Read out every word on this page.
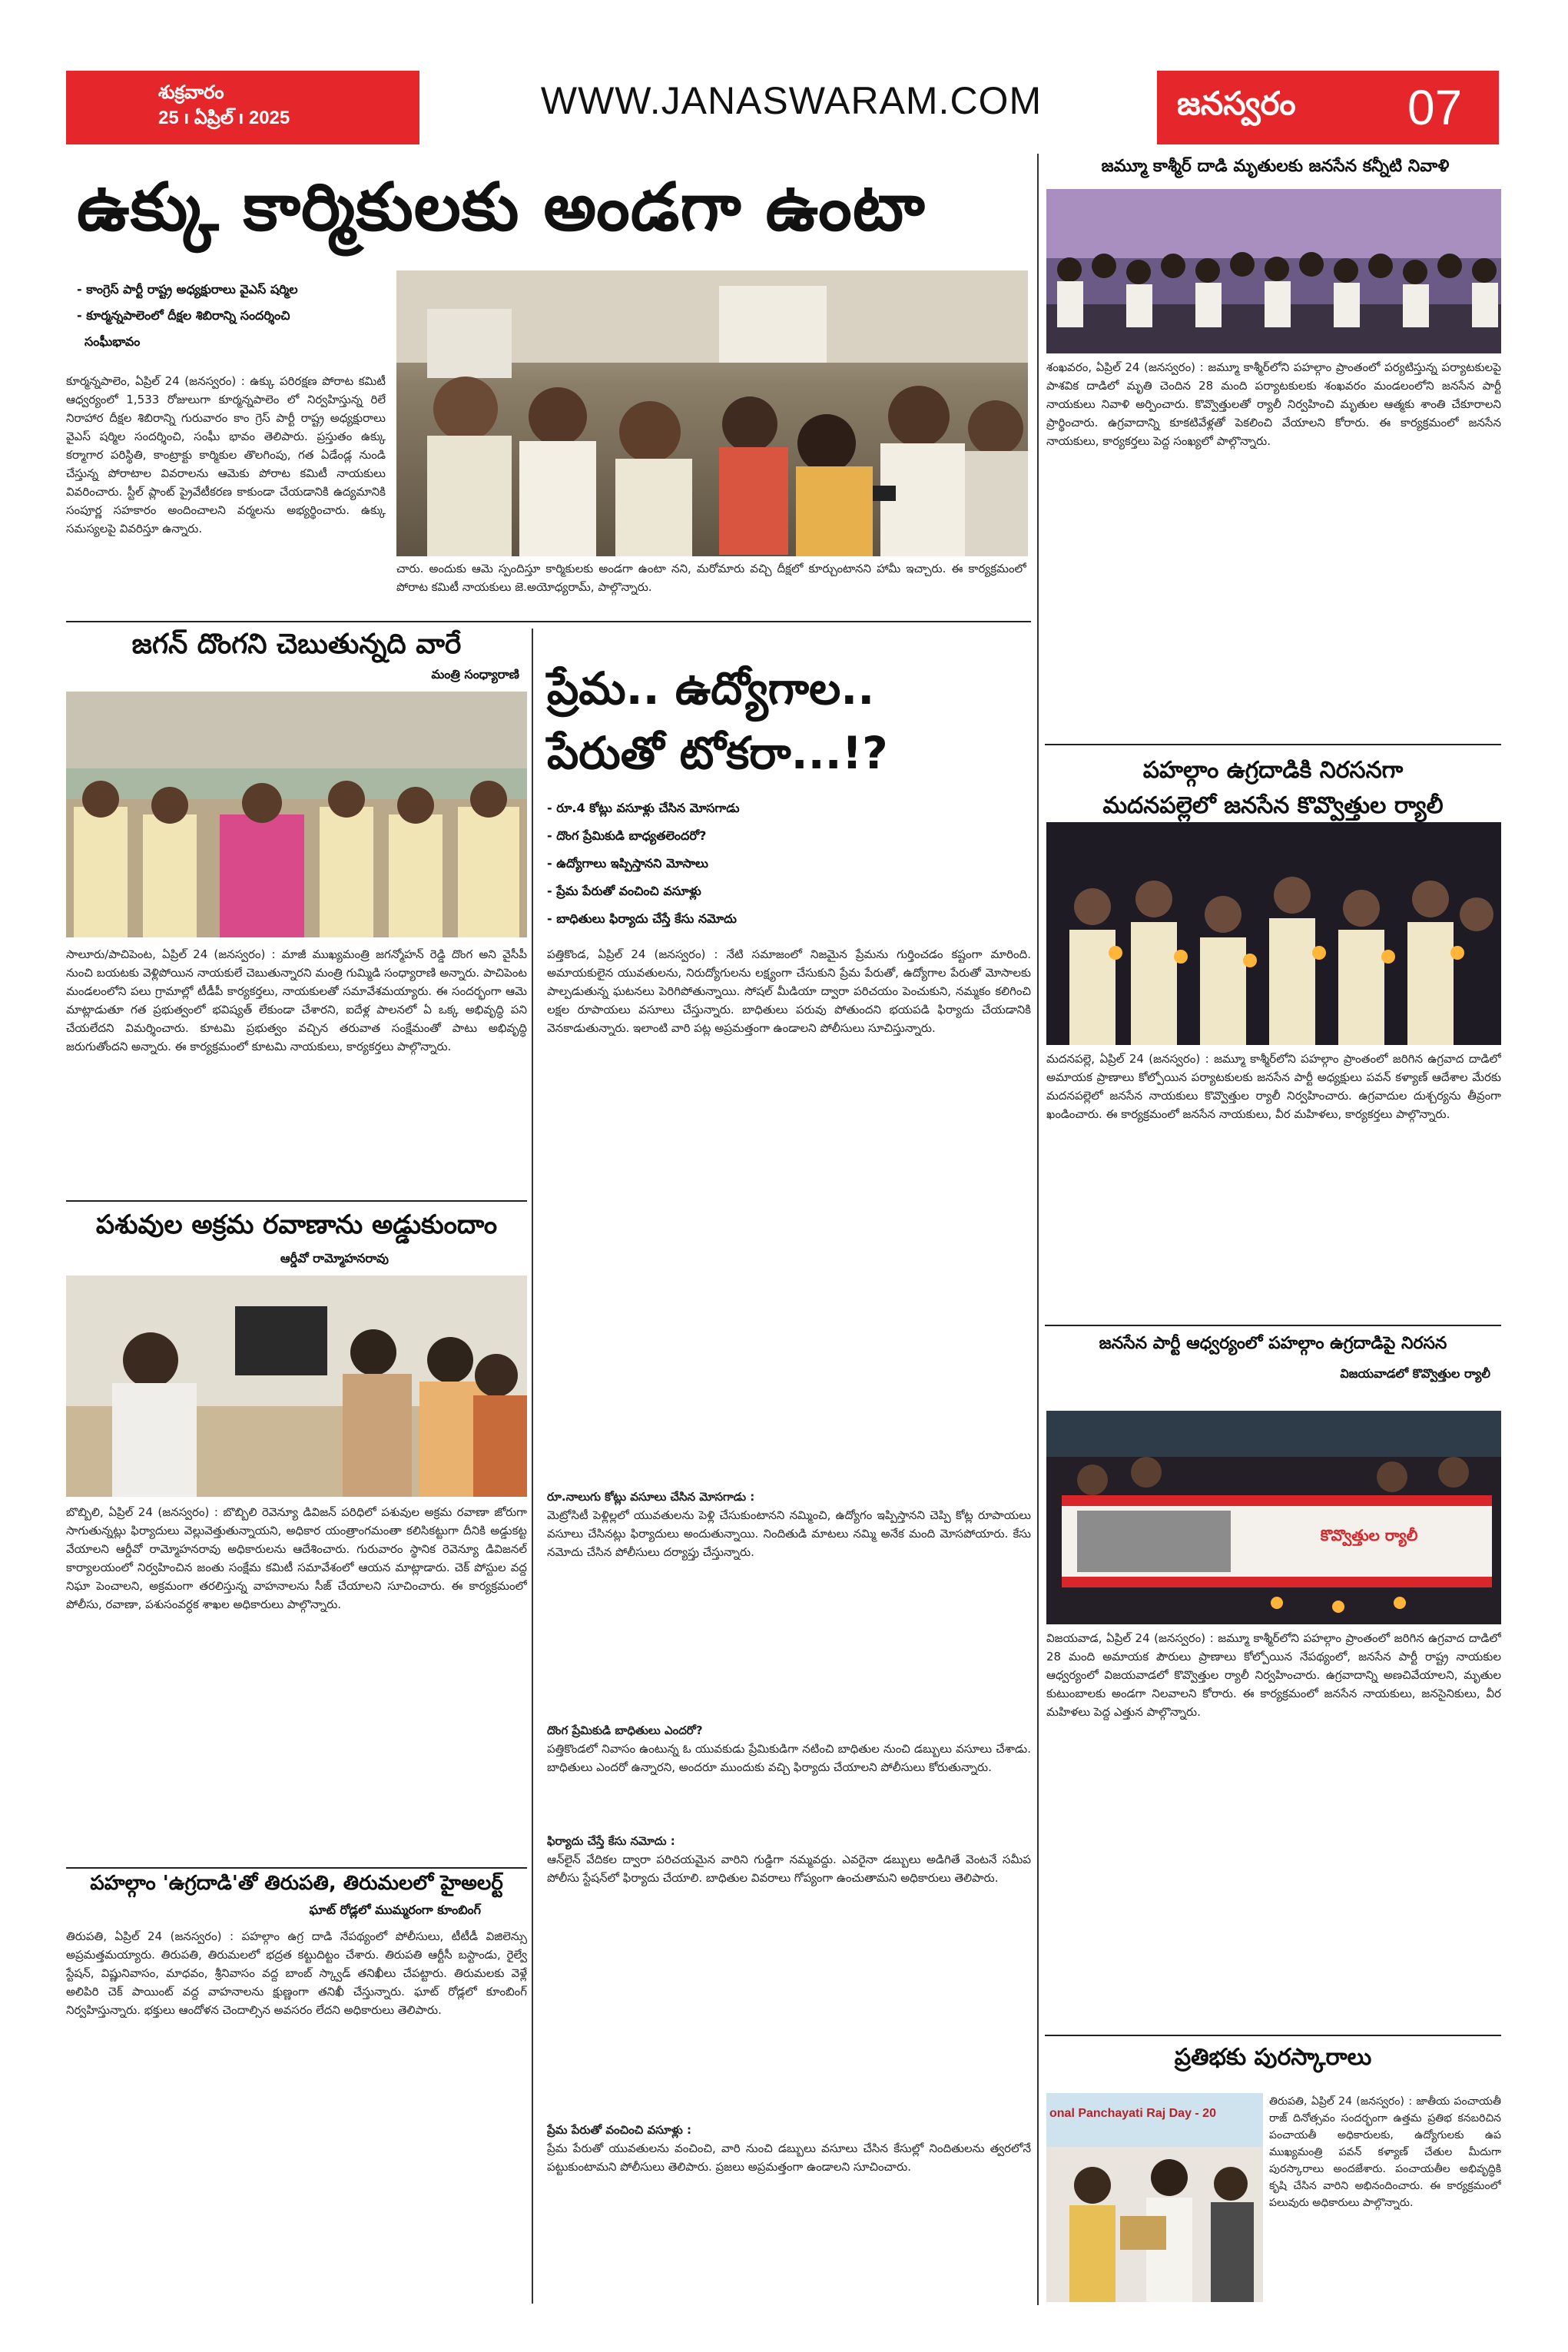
శుక్రవారం
25 ı ఏప్రిల్ ı 2025	WWW.JANASWARAM.COM	జనస్వరం	07
ఉక్కు కార్మికులకు అండగా ఉంటా
- కాంగ్రెస్ పార్టీ రాష్ట్ర అధ్యక్షురాలు వైఎస్ షర్మిల
- కూర్మన్నపాలెంలో దీక్షల శిబిరాన్ని సందర్శించి
సంఘీభావం
కూర్మన్నపాలెం, ఏప్రిల్ 24 (జనస్వరం) : ఉక్కు పరిరక్షణ పోరాట కమిటీ ఆధ్వర్యంలో 1,533 రోజులుగా కూర్మన్నపాలెం లో నిర్వహిస్తున్న రిలే నిరాహార దీక్షల శిబిరాన్ని గురువారం కాం గ్రెస్ పార్టీ రాష్ట్ర అధ్యక్షురాలు వైఎస్ షర్మిల సందర్శించి, సంఘీ భావం తెలిపారు. ప్రస్తుతం ఉక్కు కర్మాగార పరిస్థితి, కాంట్రాక్టు కార్మికుల తొలగింపు, గత ఏడేండ్ల నుండి చేస్తున్న పోరాటాల వివరాలను ఆమెకు పోరాట కమిటీ నాయకులు వివరించారు. స్టీల్ ప్లాంట్ ప్రైవేటీకరణ కాకుండా చేయడానికి ఉద్యమానికి సంపూర్ణ సహకారం అందించాలని వర్మలను అభ్యర్థించారు. ఉక్కు సమస్యలపై వివరిస్తూ ఉన్నారు.
చారు. అందుకు ఆమె స్పందిస్తూ కార్మికులకు అండగా ఉంటా నని, మరోమారు వచ్చి దీక్షలో కూర్చుంటానని హామీ ఇచ్చారు. ఈ కార్యక్రమంలో పోరాట కమిటీ నాయకులు జె.అయోధ్యరామ్, పాల్గొన్నారు.
జగన్ దొంగని చెబుతున్నది వారే
మంత్రి సంధ్యారాణి
సాలూరు/పాచిపెంట, ఏప్రిల్ 24 (జనస్వరం) : మాజీ ముఖ్యమంత్రి జగన్మోహన్ రెడ్డి దొంగ అని వైసీపీ నుంచి బయటకు వెళ్లిపోయిన నాయకులే చెబుతున్నారని మంత్రి గుమ్మిడి సంధ్యారాణి అన్నారు. పాచిపెంట మండలంలోని పలు గ్రామాల్లో టీడీపీ కార్యకర్తలు, నాయకులతో సమావేశమయ్యారు. ఈ సందర్భంగా ఆమె మాట్లాడుతూ గత ప్రభుత్వంలో భవిష్యత్ లేకుండా చేశారని, ఐదేళ్ల పాలనలో ఏ ఒక్క అభివృద్ధి పని చేయలేదని విమర్శించారు. కూటమి ప్రభుత్వం వచ్చిన తరువాత సంక్షేమంతో పాటు అభివృద్ధి జరుగుతోందని అన్నారు. ఈ కార్యక్రమంలో కూటమి నాయకులు, కార్యకర్తలు పాల్గొన్నారు.
పశువుల అక్రమ రవాణాను అడ్డుకుందాం
ఆర్డీవో రామ్మోహనరావు
బొబ్బిలి, ఏప్రిల్ 24 (జనస్వరం) : బొబ్బిలి రెవెన్యూ డివిజన్ పరిధిలో పశువుల అక్రమ రవాణా జోరుగా సాగుతున్నట్లు ఫిర్యాదులు వెల్లువెత్తుతున్నాయని, అధికార యంత్రాంగమంతా కలిసికట్టుగా దీనికి అడ్డుకట్ట వేయాలని ఆర్డీవో రామ్మోహనరావు అధికారులను ఆదేశించారు. గురువారం స్థానిక రెవెన్యూ డివిజనల్ కార్యాలయంలో నిర్వహించిన జంతు సంక్షేమ కమిటీ సమావేశంలో ఆయన మాట్లాడారు. చెక్ పోస్టుల వద్ద నిఘా పెంచాలని, అక్రమంగా తరలిస్తున్న వాహనాలను సీజ్ చేయాలని సూచించారు. ఈ కార్యక్రమంలో పోలీసు, రవాణా, పశుసంవర్ధక శాఖల అధికారులు పాల్గొన్నారు.
పహల్గాం 'ఉగ్రదాడి'తో తిరుపతి, తిరుమలలో హైఅలర్ట్
ఘాట్ రోడ్లలో ముమ్మరంగా కూంబింగ్
తిరుపతి, ఏప్రిల్ 24 (జనస్వరం) : పహల్గాం ఉగ్ర దాడి నేపథ్యంలో పోలీసులు, టీటీడీ విజిలెన్సు అప్రమత్తమయ్యారు. తిరుపతి, తిరుమలలో భద్రత కట్టుదిట్టం చేశారు. తిరుపతి ఆర్టీసీ బస్టాండు, రైల్వే స్టేషన్, విష్ణునివాసం, మాధవం, శ్రీనివాసం వద్ద బాంబ్ స్క్వాడ్ తనిఖీలు చేపట్టారు. తిరుమలకు వెళ్లే అలిపిరి చెక్ పాయింట్ వద్ద వాహనాలను క్షుణ్ణంగా తనిఖీ చేస్తున్నారు. ఘాట్ రోడ్లలో కూంబింగ్ నిర్వహిస్తున్నారు. భక్తులు ఆందోళన చెందాల్సిన అవసరం లేదని అధికారులు తెలిపారు.
ప్రేమ.. ఉద్యోగాల..
పేరుతో టోకరా...!?
- రూ.4 కోట్లు వసూళ్లు చేసిన మోసగాడు
- దొంగ ప్రేమికుడి బాధ్యతలెందరో?
- ఉద్యోగాలు ఇప్పిస్తానని మోసాలు
- ప్రేమ పేరుతో వంచించి వసూళ్లు
- బాధితులు ఫిర్యాదు చేస్తే కేసు నమోదు
పత్తికొండ, ఏప్రిల్ 24 (జనస్వరం) : నేటి సమాజంలో నిజమైన ప్రేమను గుర్తించడం కష్టంగా మారింది. అమాయకులైన యువతులను, నిరుద్యోగులను లక్ష్యంగా చేసుకుని ప్రేమ పేరుతో, ఉద్యోగాల పేరుతో మోసాలకు పాల్పడుతున్న ఘటనలు పెరిగిపోతున్నాయి. సోషల్ మీడియా ద్వారా పరిచయం పెంచుకుని, నమ్మకం కలిగించి లక్షల రూపాయలు వసూలు చేస్తున్నారు. బాధితులు పరువు పోతుందని భయపడి ఫిర్యాదు చేయడానికి వెనకాడుతున్నారు. ఇలాంటి వారి పట్ల అప్రమత్తంగా ఉండాలని పోలీసులు సూచిస్తున్నారు.
రూ.నాలుగు కోట్లు వసూలు చేసిన మోసగాడు :
మెట్రోసిటీ పెళ్లిల్లలో యువతులను పెళ్లి చేసుకుంటానని నమ్మించి, ఉద్యోగం ఇప్పిస్తానని చెప్పి కోట్ల రూపాయలు వసూలు చేసినట్లు ఫిర్యాదులు అందుతున్నాయి. నిందితుడి మాటలు నమ్మి అనేక మంది మోసపోయారు. కేసు నమోదు చేసిన పోలీసులు దర్యాప్తు చేస్తున్నారు.
దొంగ ప్రేమికుడి బాధితులు ఎందరో?
పత్తికొండలో నివాసం ఉంటున్న ఓ యువకుడు ప్రేమికుడిగా నటించి బాధితుల నుంచి డబ్బులు వసూలు చేశాడు. బాధితులు ఎందరో ఉన్నారని, అందరూ ముందుకు వచ్చి ఫిర్యాదు చేయాలని పోలీసులు కోరుతున్నారు.
ఫిర్యాదు చేస్తే కేసు నమోదు :
ఆన్‌లైన్ వేదికల ద్వారా పరిచయమైన వారిని గుడ్డిగా నమ్మవద్దు. ఎవరైనా డబ్బులు అడిగితే వెంటనే సమీప పోలీసు స్టేషన్‌లో ఫిర్యాదు చేయాలి. బాధితుల వివరాలు గోప్యంగా ఉంచుతామని అధికారులు తెలిపారు.
ప్రేమ పేరుతో వంచించి వసూళ్లు :
ప్రేమ పేరుతో యువతులను వంచించి, వారి నుంచి డబ్బులు వసూలు చేసిన కేసుల్లో నిందితులను త్వరలోనే పట్టుకుంటామని పోలీసులు తెలిపారు. ప్రజలు అప్రమత్తంగా ఉండాలని సూచించారు.
జమ్మూ కాశ్మీర్ దాడి మృతులకు జనసేన కన్నీటి నివాళి
శంఖవరం, ఏప్రిల్ 24 (జనస్వరం) : జమ్మూ కాశ్మీర్‌లోని పహల్గాం ప్రాంతంలో పర్యటిస్తున్న పర్యాటకులపై పాశవిక దాడిలో మృతి చెందిన 28 మంది పర్యాటకులకు శంఖవరం మండలంలోని జనసేన పార్టీ నాయకులు నివాళి అర్పించారు. కొవ్వొత్తులతో ర్యాలీ నిర్వహించి మృతుల ఆత్మకు శాంతి చేకూరాలని ప్రార్థించారు. ఉగ్రవాదాన్ని కూకటివేళ్లతో పెకలించి వేయాలని కోరారు. ఈ కార్యక్రమంలో జనసేన నాయకులు, కార్యకర్తలు పెద్ద సంఖ్యలో పాల్గొన్నారు.
పహల్గాం ఉగ్రదాడికి నిరసనగా
మదనపల్లెలో జనసేన కొవ్వొత్తుల ర్యాలీ
మదనపల్లె, ఏప్రిల్ 24 (జనస్వరం) : జమ్మూ కాశ్మీర్‌లోని పహల్గాం ప్రాంతంలో జరిగిన ఉగ్రవాద దాడిలో అమాయక ప్రాణాలు కోల్పోయిన పర్యాటకులకు జనసేన పార్టీ అధ్యక్షులు పవన్ కళ్యాణ్ ఆదేశాల మేరకు మదనపల్లెలో జనసేన నాయకులు కొవ్వొత్తుల ర్యాలీ నిర్వహించారు. ఉగ్రవాదుల దుశ్చర్యను తీవ్రంగా ఖండించారు. ఈ కార్యక్రమంలో జనసేన నాయకులు, వీర మహిళలు, కార్యకర్తలు పాల్గొన్నారు.
జనసేన పార్టీ ఆధ్వర్యంలో పహల్గాం ఉగ్రదాడిపై నిరసన
విజయవాడలో కొవ్వొత్తుల ర్యాలీ
కొవ్వొత్తుల ర్యాలీ
విజయవాడ, ఏప్రిల్ 24 (జనస్వరం) : జమ్మూ కాశ్మీర్‌లోని పహల్గాం ప్రాంతంలో జరిగిన ఉగ్రవాద దాడిలో 28 మంది అమాయక పౌరులు ప్రాణాలు కోల్పోయిన నేపథ్యంలో, జనసేన పార్టీ రాష్ట్ర నాయకుల ఆధ్వర్యంలో విజయవాడలో కొవ్వొత్తుల ర్యాలీ నిర్వహించారు. ఉగ్రవాదాన్ని అణచివేయాలని, మృతుల కుటుంబాలకు అండగా నిలవాలని కోరారు. ఈ కార్యక్రమంలో జనసేన నాయకులు, జనసైనికులు, వీర మహిళలు పెద్ద ఎత్తున పాల్గొన్నారు.
ప్రతిభకు పురస్కారాలు
onal Panchayati Raj Day - 20
తిరుపతి, ఏప్రిల్ 24 (జనస్వరం) : జాతీయ పంచాయతీ రాజ్ దినోత్సవం సందర్భంగా ఉత్తమ ప్రతిభ కనబరిచిన పంచాయతీ అధికారులకు, ఉద్యోగులకు ఉప ముఖ్యమంత్రి పవన్ కళ్యాణ్ చేతుల మీదుగా పురస్కారాలు అందజేశారు. పంచాయతీల అభివృద్ధికి కృషి చేసిన వారిని అభినందించారు. ఈ కార్యక్రమంలో పలువురు అధికారులు పాల్గొన్నారు.
